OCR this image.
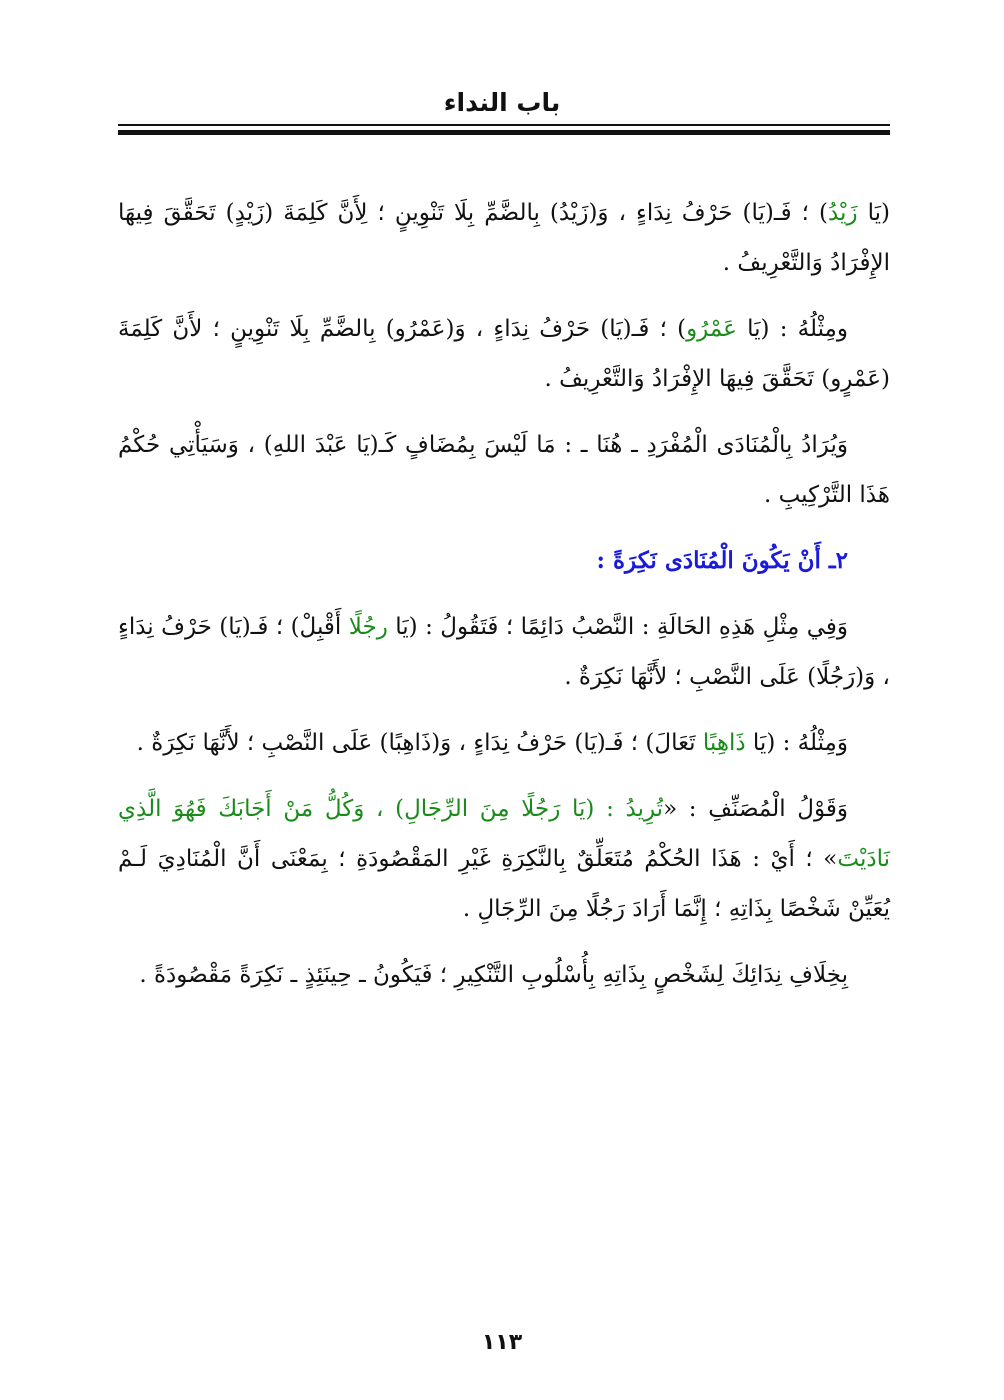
باب النداء

(يَا زَيْدُ) ؛ فَـ(يَا) حَرْفُ نِدَاءٍ ، وَ(زَيْدُ) بِالضَّمِّ بِلَا تَنْوِينٍ ؛ لِأَنَّ كَلِمَةَ (زَيْدٍ) تَحَقَّقَ فِيهَا الإِفْرَادُ وَالتَّعْرِيفُ .

ومِثْلُهُ : (يَا عَمْرُو) ؛ فَـ(يَا) حَرْفُ نِدَاءٍ ، وَ(عَمْرُو) بِالضَّمِّ بِلَا تَنْوِينٍ ؛ لأَنَّ كَلِمَةَ (عَمْرٍو) تَحَقَّقَ فِيهَا الإِفْرَادُ وَالتَّعْرِيفُ .

وَيُرَادُ بِالْمُنَادَى الْمُفْرَدِ ـ هُنَا ـ : مَا لَيْسَ بِمُضَافٍ كَـ(يَا عَبْدَ اللهِ) ، وَسَيَأْتِي حُكْمُ هَذَا التَّرْكِيبِ .

٢ـ أَنْ يَكُونَ الْمُنَادَى نَكِرَةً :

وَفِي مِثْلِ هَذِهِ الحَالَةِ : النَّصْبُ دَائِمًا ؛ فَتَقُولُ : (يَا رجُلًا أَقْبِلْ) ؛ فَـ(يَا) حَرْفُ نِدَاءٍ ، وَ(رَجُلًا) عَلَى النَّصْبِ ؛ لأَنَّهَا نَكِرَةٌ .

وَمِثْلُهُ : (يَا ذَاهِبًا تَعَالَ) ؛ فَـ(يَا) حَرْفُ نِدَاءٍ ، وَ(ذَاهِبًا) عَلَى النَّصْبِ ؛ لأَنَّهَا نَكِرَةٌ .

وَقَوْلُ الْمُصَنِّفِ : «تُرِيدُ : (يَا رَجُلًا مِنَ الرِّجَالِ) ، وَكُلُّ مَنْ أَجَابَكَ فَهُوَ الَّذِي نَادَيْتَ» ؛ أَيْ : هَذَا الحُكْمُ مُتَعَلِّقٌ بِالنَّكِرَةِ غَيْرِ المَقْصُودَةِ ؛ بِمَعْنَى أَنَّ الْمُنَادِيَ لَـمْ يُعَيِّنْ شَخْصًا بِذَاتِهِ ؛ إِنَّمَا أَرَادَ رَجُلًا مِنَ الرِّجَالِ .

بِخِلَافِ نِدَائِكَ لِشَخْصٍ بِذَاتِهِ بِأُسْلُوبِ التَّنْكِيرِ ؛ فَيَكُونُ ـ حِينَئِذٍ ـ نَكِرَةً مَقْصُودَةً .

١١٣
